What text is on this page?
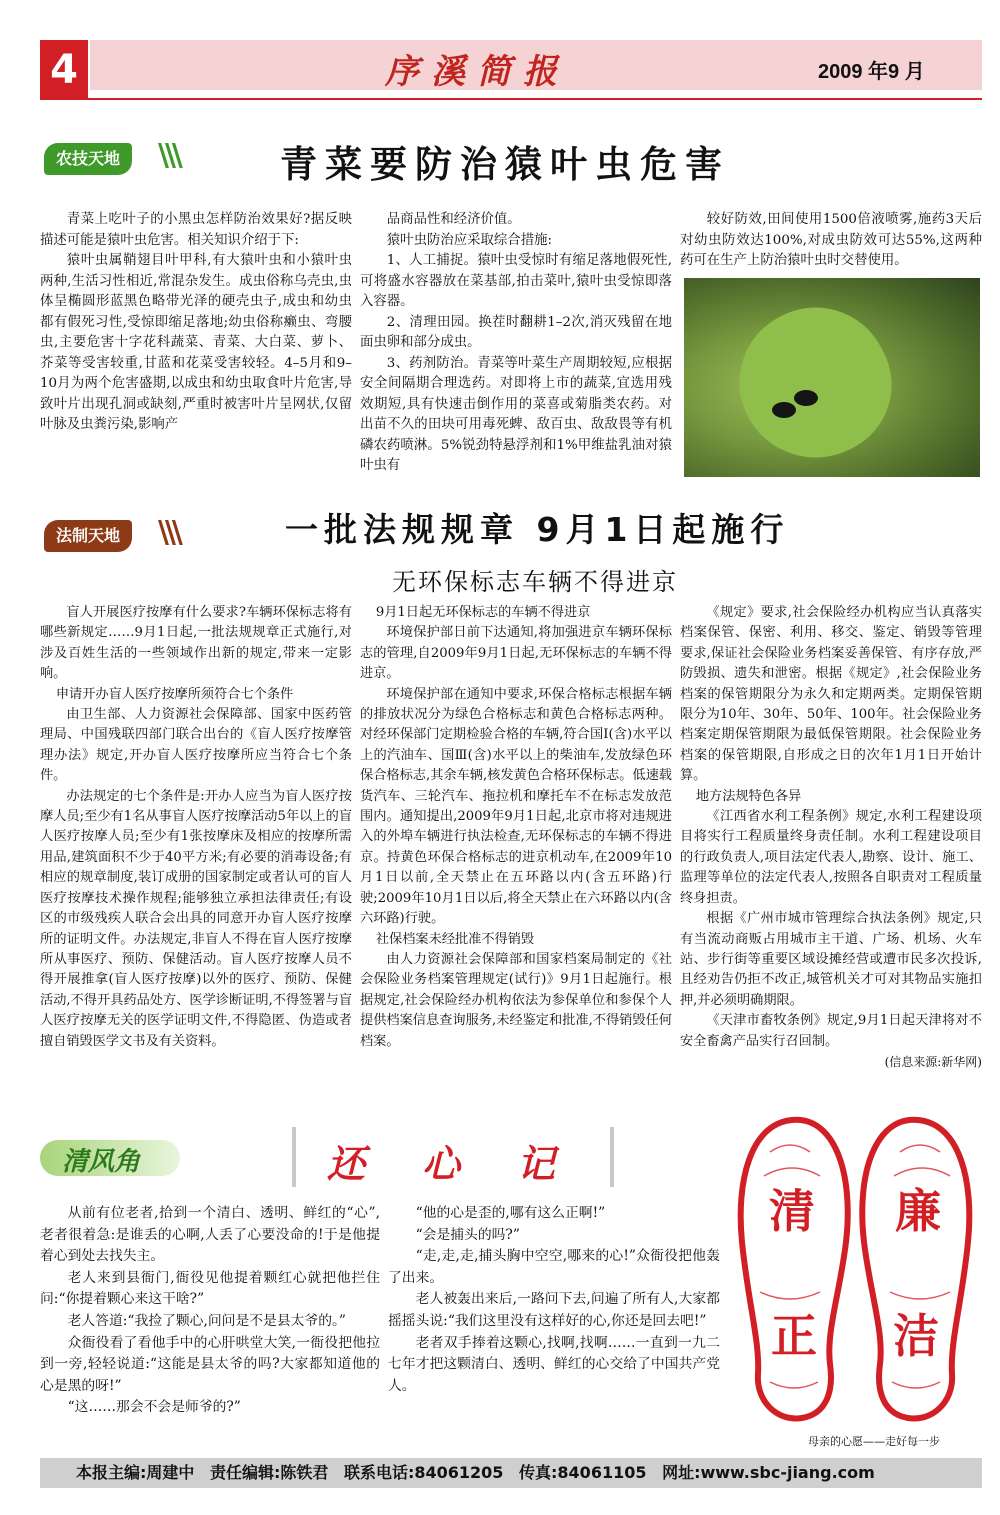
4	序溪简报	2009 年9 月
农技天地	\\\	青菜要防治猿叶虫危害

青菜上吃叶子的小黑虫怎样防治效果好?据反映描述可能是猿叶虫危害。相关知识介绍于下:

猿叶虫属鞘翅目叶甲科,有大猿叶虫和小猿叶虫两种,生活习性相近,常混杂发生。成虫俗称乌壳虫,虫体呈椭圆形蓝黑色略带光泽的硬壳虫子,成虫和幼虫都有假死习性,受惊即缩足落地;幼虫俗称癞虫、弯腰虫,主要危害十字花科蔬菜、青菜、大白菜、萝卜、芥菜等受害较重,甘蓝和花菜受害较轻。4–5月和9–10月为两个危害盛期,以成虫和幼虫取食叶片危害,导致叶片出现孔洞或缺刻,严重时被害叶片呈网状,仅留叶脉及虫粪污染,影响产

品商品性和经济价值。

猿叶虫防治应采取综合措施:

1、人工捕捉。猿叶虫受惊时有缩足落地假死性,可将盛水容器放在菜基部,拍击菜叶,猿叶虫受惊即落入容器。

2、清理田园。换茬时翻耕1–2次,消灭残留在地面虫卵和部分成虫。

3、药剂防治。青菜等叶菜生产周期较短,应根据安全间隔期合理选药。对即将上市的蔬菜,宜选用残效期短,具有快速击倒作用的菜喜或菊脂类农药。对出苗不久的田块可用毒死蜱、敌百虫、敌敌畏等有机磷农药喷淋。5%锐劲特悬浮剂和1%甲维盐乳油对猿叶虫有

较好防效,田间使用1500倍液喷雾,施药3天后对幼虫防效达100%,对成虫防效可达55%,这两种药可在生产上防治猿叶虫时交替使用。

法制天地	\\\	一批法规规章 9月1日起施行
无环保标志车辆不得进京

盲人开展医疗按摩有什么要求?车辆环保标志将有哪些新规定……9月1日起,一批法规规章正式施行,对涉及百姓生活的一些领域作出新的规定,带来一定影响。

申请开办盲人医疗按摩所须符合七个条件

由卫生部、人力资源社会保障部、国家中医药管理局、中国残联四部门联合出台的《盲人医疗按摩管理办法》规定,开办盲人医疗按摩所应当符合七个条件。

办法规定的七个条件是:开办人应当为盲人医疗按摩人员;至少有1名从事盲人医疗按摩活动5年以上的盲人医疗按摩人员;至少有1张按摩床及相应的按摩所需用品,建筑面积不少于40平方米;有必要的消毒设备;有相应的规章制度,装订成册的国家制定或者认可的盲人医疗按摩技术操作规程;能够独立承担法律责任;有设区的市级残疾人联合会出具的同意开办盲人医疗按摩所的证明文件。办法规定,非盲人不得在盲人医疗按摩所从事医疗、预防、保健活动。盲人医疗按摩人员不得开展推拿(盲人医疗按摩)以外的医疗、预防、保健活动,不得开具药品处方、医学诊断证明,不得签署与盲人医疗按摩无关的医学证明文件,不得隐匿、伪造或者擅自销毁医学文书及有关资料。

9月1日起无环保标志的车辆不得进京

环境保护部日前下达通知,将加强进京车辆环保标志的管理,自2009年9月1日起,无环保标志的车辆不得进京。

环境保护部在通知中要求,环保合格标志根据车辆的排放状况分为绿色合格标志和黄色合格标志两种。对经环保部门定期检验合格的车辆,符合国Ⅰ(含)水平以上的汽油车、国Ⅲ(含)水平以上的柴油车,发放绿色环保合格标志,其余车辆,核发黄色合格环保标志。低速载货汽车、三轮汽车、拖拉机和摩托车不在标志发放范围内。通知提出,2009年9月1日起,北京市将对违规进入的外埠车辆进行执法检查,无环保标志的车辆不得进京。持黄色环保合格标志的进京机动车,在2009年10月1日以前,全天禁止在五环路以内(含五环路)行驶;2009年10月1日以后,将全天禁止在六环路以内(含六环路)行驶。

社保档案未经批准不得销毁

由人力资源社会保障部和国家档案局制定的《社会保险业务档案管理规定(试行)》9月1日起施行。根据规定,社会保险经办机构依法为参保单位和参保个人提供档案信息查询服务,未经鉴定和批准,不得销毁任何档案。

《规定》要求,社会保险经办机构应当认真落实档案保管、保密、利用、移交、鉴定、销毁等管理要求,保证社会保险业务档案妥善保管、有序存放,严防毁损、遗失和泄密。根据《规定》,社会保险业务档案的保管期限分为永久和定期两类。定期保管期限分为10年、30年、50年、100年。社会保险业务档案定期保管期限为最低保管期限。社会保险业务档案的保管期限,自形成之日的次年1月1日开始计算。

地方法规特色各异

《江西省水利工程条例》规定,水利工程建设项目将实行工程质量终身责任制。水利工程建设项目的行政负责人,项目法定代表人,勘察、设计、施工、监理等单位的法定代表人,按照各自职责对工程质量终身担责。

根据《广州市城市管理综合执法条例》规定,只有当流动商贩占用城市主干道、广场、机场、火车站、步行街等重要区域设摊经营或遭市民多次投诉,且经劝告仍拒不改正,城管机关才可对其物品实施扣押,并必须明确期限。

《天津市畜牧条例》规定,9月1日起天津将对不安全畜禽产品实行召回制。

(信息来源:新华网)

清风角	还 心 记

从前有位老者,拾到一个清白、透明、鲜红的“心”,老者很着急:是谁丢的心啊,人丢了心要没命的!于是他提着心到处去找失主。

老人来到县衙门,衙役见他提着颗红心就把他拦住问:“你提着颗心来这干啥?”

老人答道:“我捡了颗心,问问是不是县太爷的。”

众衙役看了看他手中的心肝哄堂大笑,一衙役把他拉到一旁,轻轻说道:“这能是县太爷的吗?大家都知道他的心是黑的呀!”

“这……那会不会是师爷的?”

“他的心是歪的,哪有这么正啊!”

“会是捕头的吗?”

“走,走,走,捕头胸中空空,哪来的心!”众衙役把他轰了出来。

老人被轰出来后,一路问下去,问遍了所有人,大家都摇摇头说:“我们这里没有这样好的心,你还是回去吧!”

老者双手捧着这颗心,找啊,找啊……一直到一九二七年才把这颗清白、透明、鲜红的心交给了中国共产党人。

清
正
廉
洁
母亲的心愿——走好每一步
本报主编:周建中 责任编辑:陈铁君 联系电话:84061205 传真:84061105 网址:www.sbc-jiang.com
